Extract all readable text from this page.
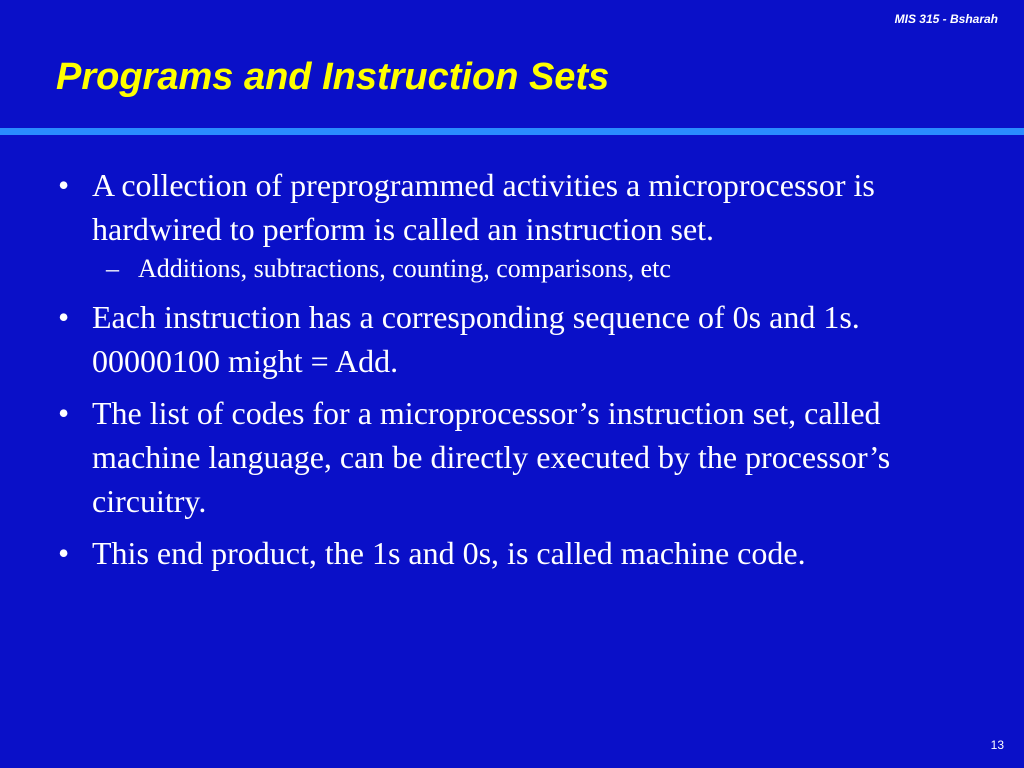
MIS 315 - Bsharah
Programs and Instruction Sets
• A collection of preprogrammed activities a microprocessor is hardwired to perform is called an instruction set.
– Additions, subtractions, counting, comparisons, etc
• Each instruction has a corresponding sequence of 0s and 1s. 00000100 might = Add.
• The list of codes for a microprocessor’s instruction set, called machine language, can be directly executed by the processor’s circuitry.
• This end product, the 1s and 0s, is called machine code.
13
